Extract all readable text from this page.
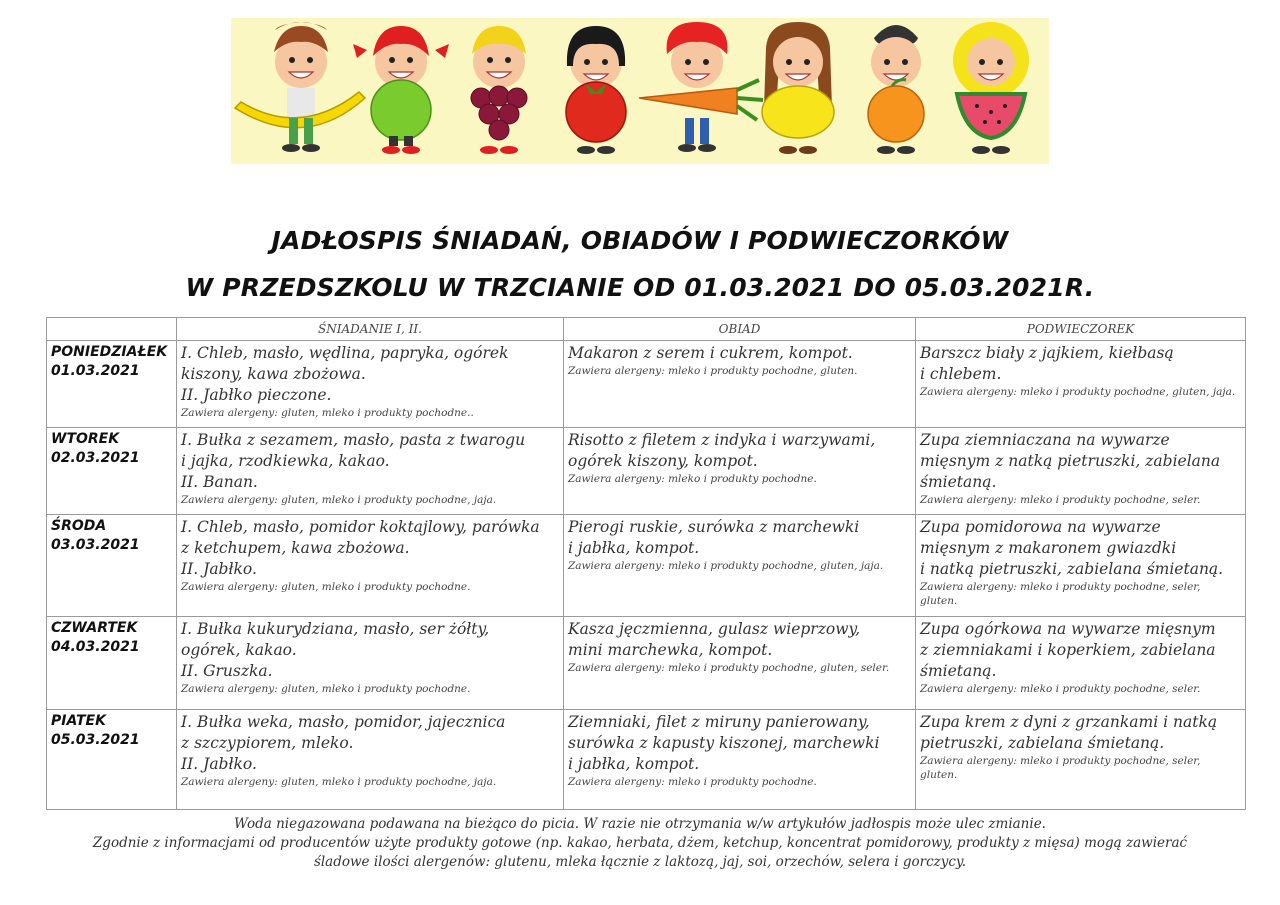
JADŁOSPIS ŚNIADAŃ, OBIADÓW I PODWIECZORKÓW
W PRZEDSZKOLU W TRZCIANIE OD 01.03.2021 DO 05.03.2021R.
	ŚNIADANIE I, II.	OBIAD	PODWIECZOREK

PONIEDZIAŁEK
01.03.2021	I. Chleb, masło, wędlina, papryka, ogórek
kiszony, kawa zbożowa.
II. Jabłko pieczone.
Zawiera alergeny: gluten, mleko i produkty pochodne..	Makaron z serem i cukrem, kompot.
Zawiera alergeny: mleko i produkty pochodne, gluten.	Barszcz biały z jajkiem, kiełbasą
i chlebem.
Zawiera alergeny: mleko i produkty pochodne, gluten, jaja.

WTOREK
02.03.2021	I. Bułka z sezamem, masło, pasta z twarogu
i jajka, rzodkiewka, kakao.
II. Banan.
Zawiera alergeny: gluten, mleko i produkty pochodne, jaja.	Risotto z filetem z indyka i warzywami,
ogórek kiszony, kompot.
Zawiera alergeny: mleko i produkty pochodne.	Zupa ziemniaczana na wywarze
mięsnym z natką pietruszki, zabielana
śmietaną.
Zawiera alergeny: mleko i produkty pochodne, seler.

ŚRODA
03.03.2021	I. Chleb, masło, pomidor koktajlowy, parówka
z ketchupem, kawa zbożowa.
II. Jabłko.
Zawiera alergeny: gluten, mleko i produkty pochodne.	Pierogi ruskie, surówka z marchewki
i jabłka, kompot.
Zawiera alergeny: mleko i produkty pochodne, gluten, jaja.	Zupa pomidorowa na wywarze
mięsnym z makaronem gwiazdki
i natką pietruszki, zabielana śmietaną.
Zawiera alergeny: mleko i produkty pochodne, seler, gluten.

CZWARTEK
04.03.2021	I. Bułka kukurydziana, masło, ser żółty,
ogórek, kakao.
II. Gruszka.
Zawiera alergeny: gluten, mleko i produkty pochodne.	Kasza jęczmienna, gulasz wieprzowy,
mini marchewka, kompot.
Zawiera alergeny: mleko i produkty pochodne, gluten, seler.	Zupa ogórkowa na wywarze mięsnym
z ziemniakami i koperkiem, zabielana
śmietaną.
Zawiera alergeny: mleko i produkty pochodne, seler.

PIATEK
05.03.2021	I. Bułka weka, masło, pomidor, jajecznica
z szczypiorem, mleko.
II. Jabłko.
Zawiera alergeny: gluten, mleko i produkty pochodne, jaja.	Ziemniaki, filet z miruny panierowany,
surówka z kapusty kiszonej, marchewki
i jabłka, kompot.
Zawiera alergeny: mleko i produkty pochodne.	Zupa krem z dyni z grzankami i natką
pietruszki, zabielana śmietaną.
Zawiera alergeny: mleko i produkty pochodne, seler, gluten.
Woda niegazowana podawana na bieżąco do picia. W razie nie otrzymania w/w artykułów jadłospis może ulec zmianie.
Zgodnie z informacjami od producentów użyte produkty gotowe (np. kakao, herbata, dżem, ketchup, koncentrat pomidorowy, produkty z mięsa) mogą zawierać
śladowe ilości alergenów: glutenu, mleka łącznie z laktozą, jaj, soi, orzechów, selera i gorczycy.
